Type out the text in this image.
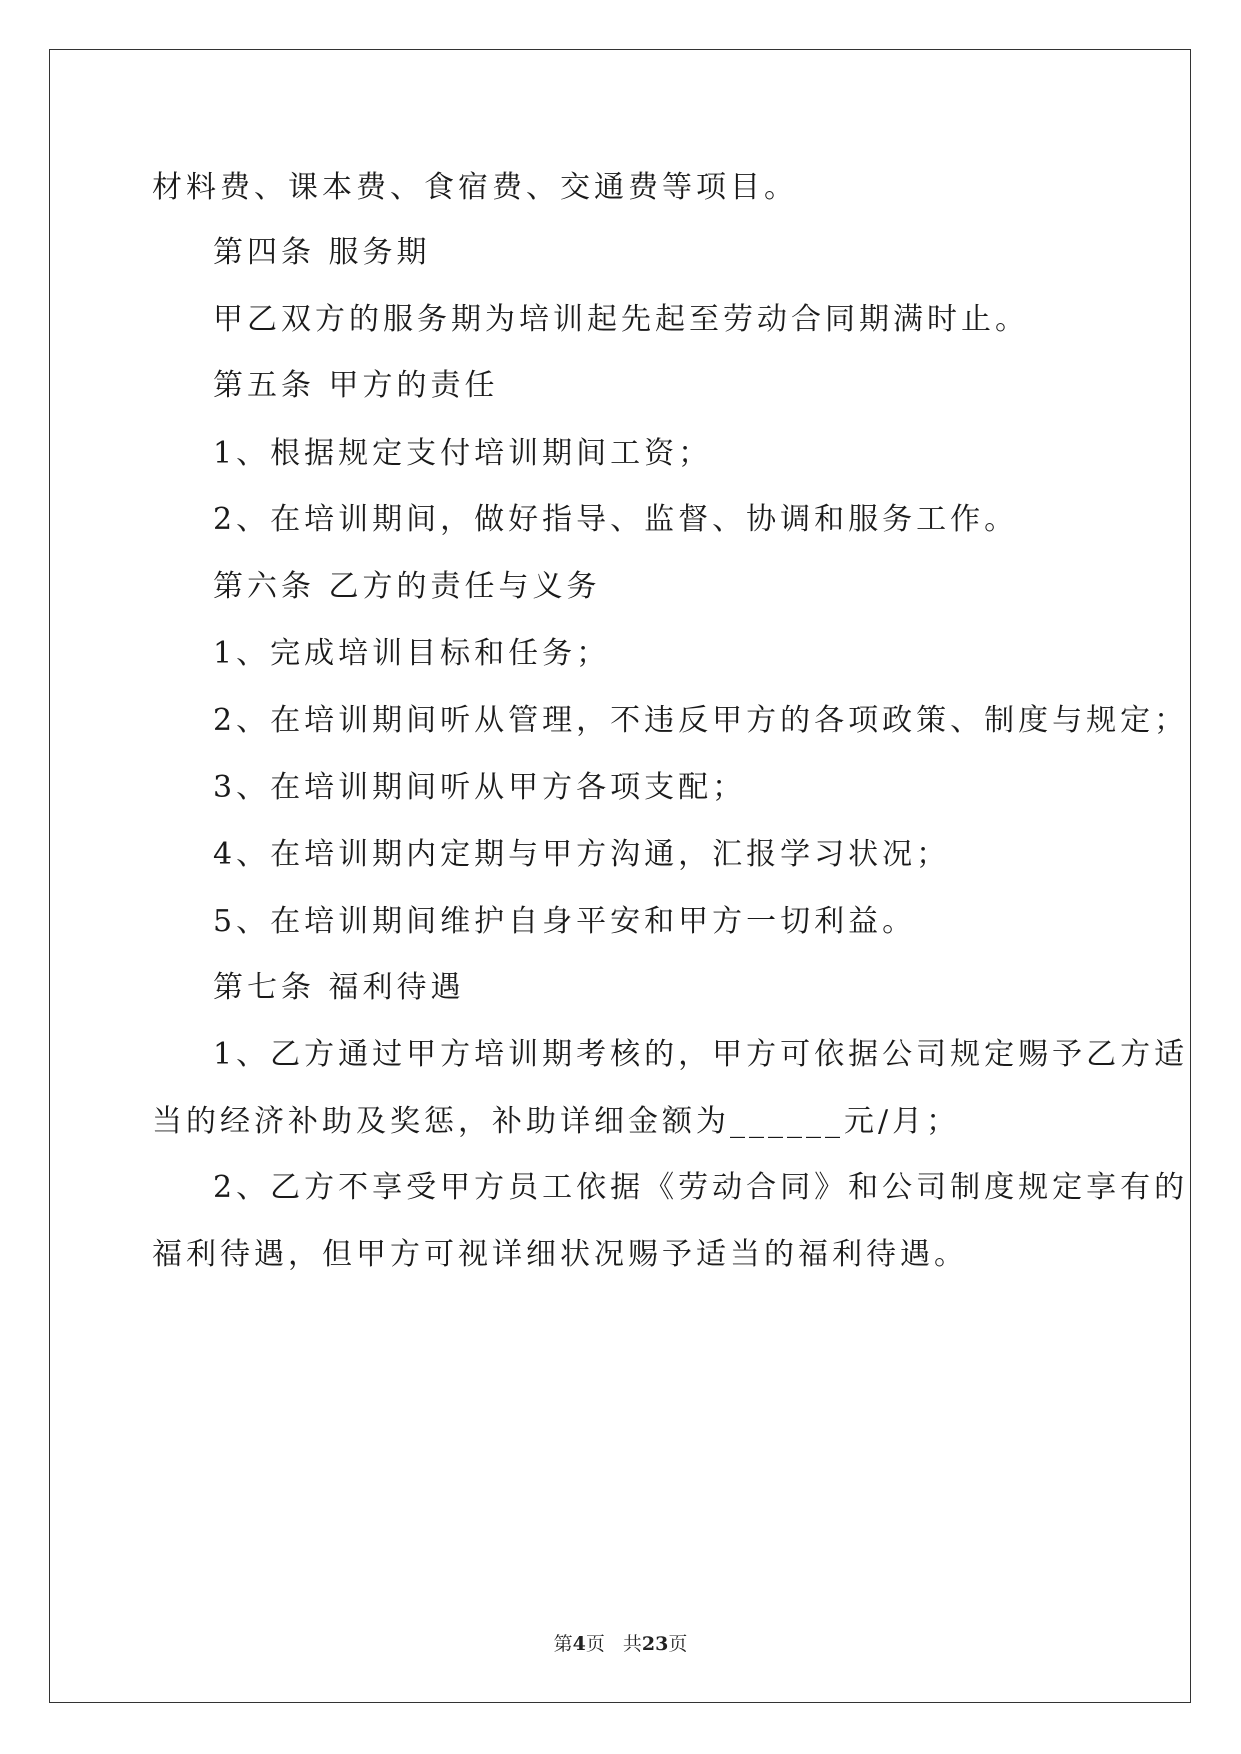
材料费、课本费、食宿费、交通费等项目。
第四条 服务期
甲乙双方的服务期为培训起先起至劳动合同期满时止。
第五条 甲方的责任
1、根据规定支付培训期间工资；
2、在培训期间，做好指导、监督、协调和服务工作。
第六条 乙方的责任与义务
1、完成培训目标和任务；
2、在培训期间听从管理，不违反甲方的各项政策、制度与规定；
3、在培训期间听从甲方各项支配；
4、在培训期内定期与甲方沟通，汇报学习状况；
5、在培训期间维护自身平安和甲方一切利益。
第七条 福利待遇
1、乙方通过甲方培训期考核的，甲方可依据公司规定赐予乙方适
当的经济补助及奖惩，补助详细金额为______元/月；
2、乙方不享受甲方员工依据《劳动合同》和公司制度规定享有的
福利待遇，但甲方可视详细状况赐予适当的福利待遇。
第4页 共23页
